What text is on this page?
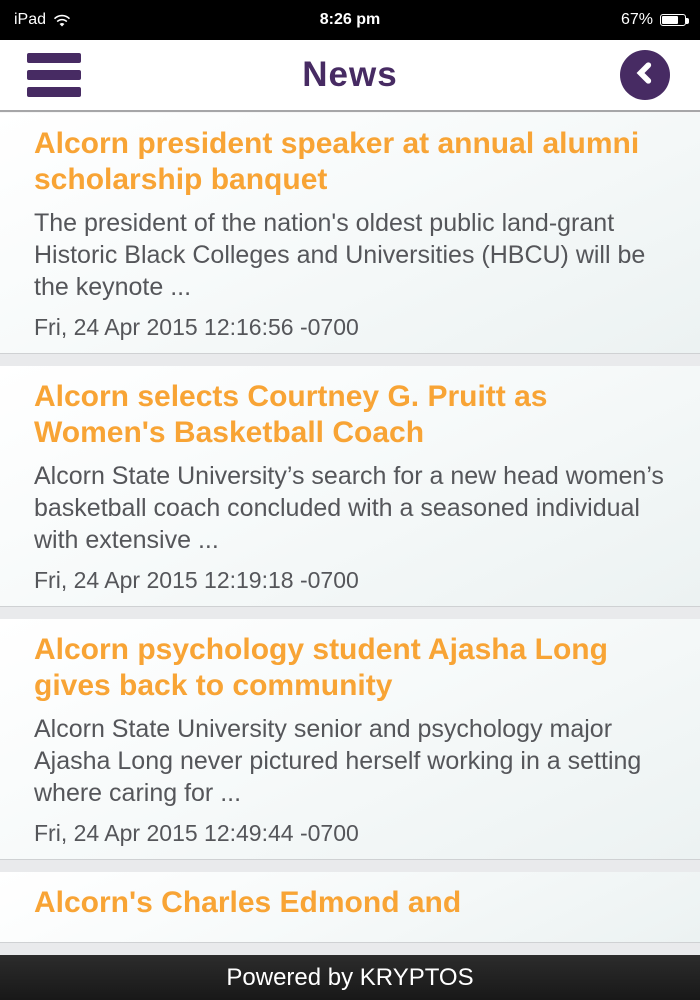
iPad	8:26 pm	67%
News
Alcorn president speaker at annual alumni scholarship banquet
The president of the nation's oldest public land-grant Historic Black Colleges and Universities (HBCU) will be the keynote ...
Fri, 24 Apr 2015 12:16:56 -0700
Alcorn selects Courtney G. Pruitt as Women's Basketball Coach
Alcorn State University’s search for a new head women’s basketball coach concluded with a seasoned individual with extensive ...
Fri, 24 Apr 2015 12:19:18 -0700
Alcorn psychology student Ajasha Long gives back to community
Alcorn State University senior and psychology major Ajasha Long never pictured herself working in a setting where caring for ...
Fri, 24 Apr 2015 12:49:44 -0700
Alcorn's Charles Edmond and
Powered by KRYPTOS
